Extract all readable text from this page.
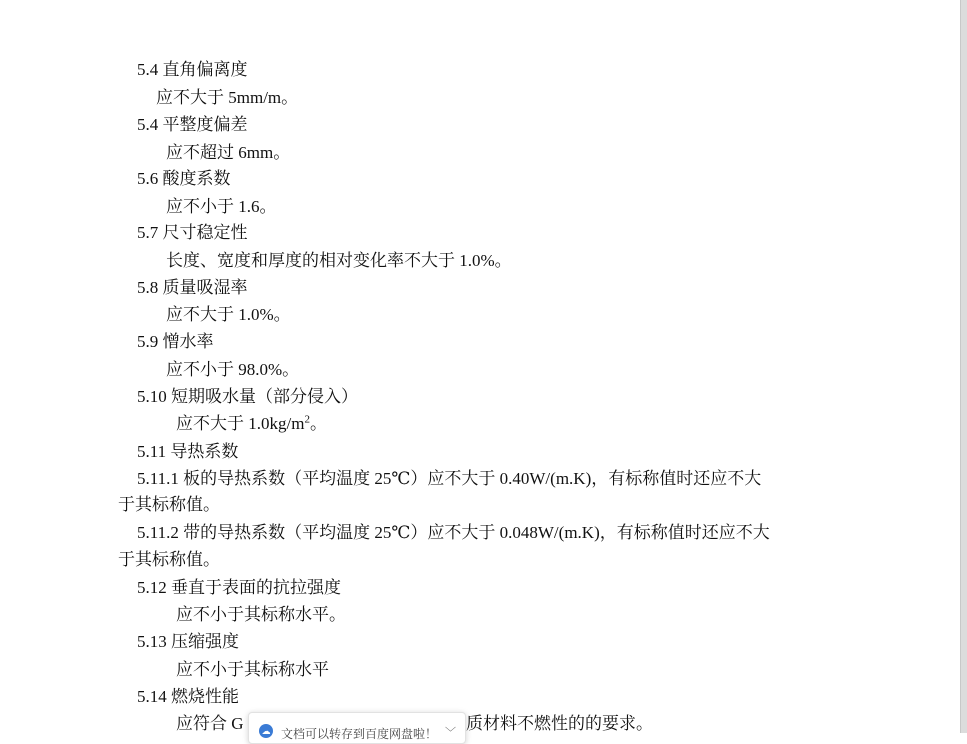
5.4 直角偏离度
应不大于 5mm/m。
5.4 平整度偏差
应不超过 6mm。
5.6 酸度系数
应不小于 1.6。
5.7 尺寸稳定性
长度、宽度和厚度的相对变化率不大于 1.0%。
5.8 质量吸湿率
应不大于 1.0%。
5.9 憎水率
应不小于 98.0%。
5.10 短期吸水量（部分侵入）
应不大于 $1.0kg/m^2$。
5.11 导热系数
5.11.1 板的导热系数（平均温度 25℃）应不大于 0.40W/(m.K)，有标称值时还应不大
于其标称值。
5.11.2 带的导热系数（平均温度 25℃）应不大于 0.048W/(m.K)，有标称值时还应不大
于其标称值。
5.12 垂直于表面的抗拉强度
应不小于其标称水平。
5.13 压缩强度
应不小于其标称水平
5.14 燃烧性能
应符合 G	质材料不燃性的的要求。
☁ 文档可以转存到百度网盘啦！ ﹀
